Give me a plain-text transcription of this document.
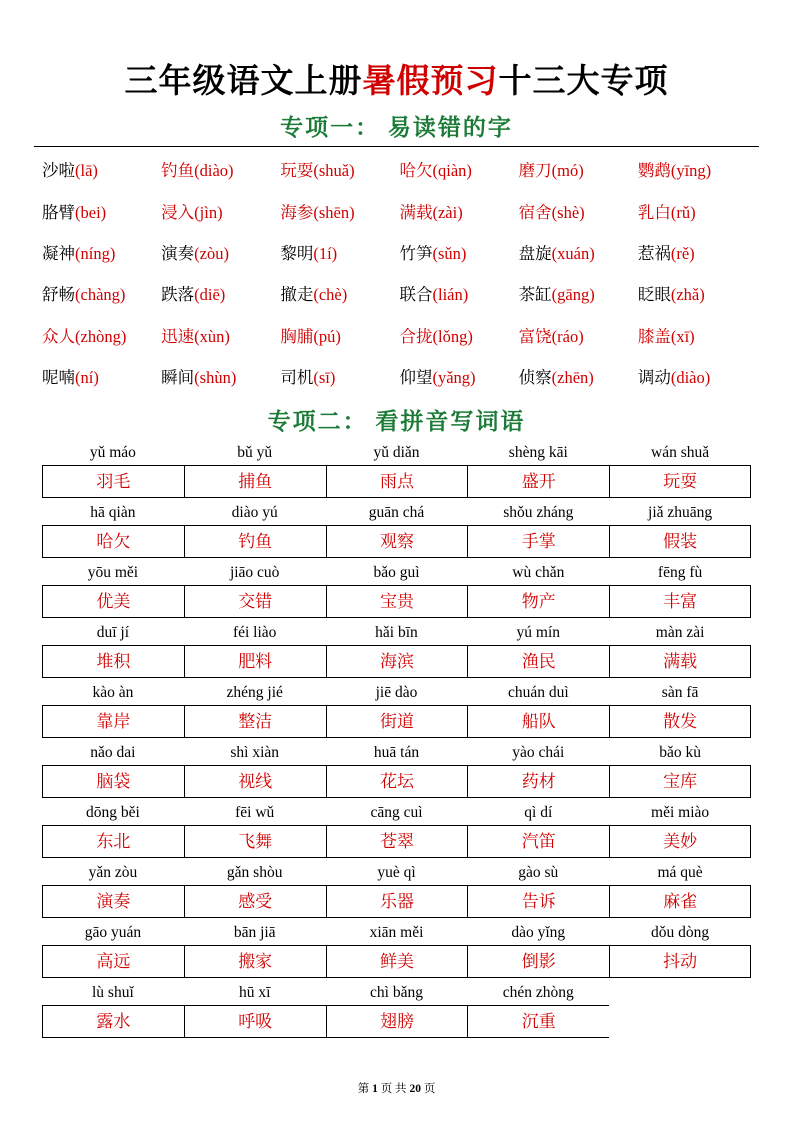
三年级语文上册暑假预习十三大专项
专项一： 易读错的字
沙啦(lā)	钓鱼(diào)	玩耍(shuǎ)	哈欠(qiàn)	磨刀(mó)	鹦鹉(yīng)
胳臂(bei)	浸入(jìn)	海参(shēn)	满载(zài)	宿舍(shè)	乳白(rǔ)
凝神(níng)	演奏(zòu)	黎明(1í)	竹笋(sǔn)	盘旋(xuán)	惹祸(rě)
舒畅(chàng)	跌落(diē)	撤走(chè)	联合(lián)	茶缸(gāng)	眨眼(zhǎ)
众人(zhòng)	迅速(xùn)	胸脯(pú)	合拢(lǒng)	富饶(ráo)	膝盖(xī)
呢喃(ní)	瞬间(shùn)	司机(sī)	仰望(yǎng)	侦察(zhēn)	调动(diào)
专项二： 看拼音写词语
yǔ máo	bǔ yǔ	yǔ diǎn	shèng kāi	wán shuǎ
羽毛	捕鱼	雨点	盛开	玩耍
hā qiàn	diào yú	guān chá	shǒu zháng	jiǎ zhuāng
哈欠	钓鱼	观察	手掌	假装
yōu měi	jiāo cuò	bǎo guì	wù chǎn	fēng fù
优美	交错	宝贵	物产	丰富
duī jí	féi liào	hǎi bīn	yú mín	màn zài
堆积	肥料	海滨	渔民	满载
kào àn	zhéng jié	jiē dào	chuán duì	sàn fā
靠岸	整洁	街道	船队	散发
nǎo dai	shì xiàn	huā tán	yào chái	bǎo kù
脑袋	视线	花坛	药材	宝库
dōng běi	fēi wǔ	cāng cuì	qì dí	měi miào
东北	飞舞	苍翠	汽笛	美妙
yǎn zòu	gǎn shòu	yuè qì	gào sù	má què
演奏	感受	乐器	告诉	麻雀
gāo yuán	bān jiā	xiān měi	dào yǐng	dǒu dòng
高远	搬家	鲜美	倒影	抖动
lù shuǐ	hū xī	chì bǎng	chén zhòng
露水	呼吸	翅膀	沉重
第 1 页 共 20 页
